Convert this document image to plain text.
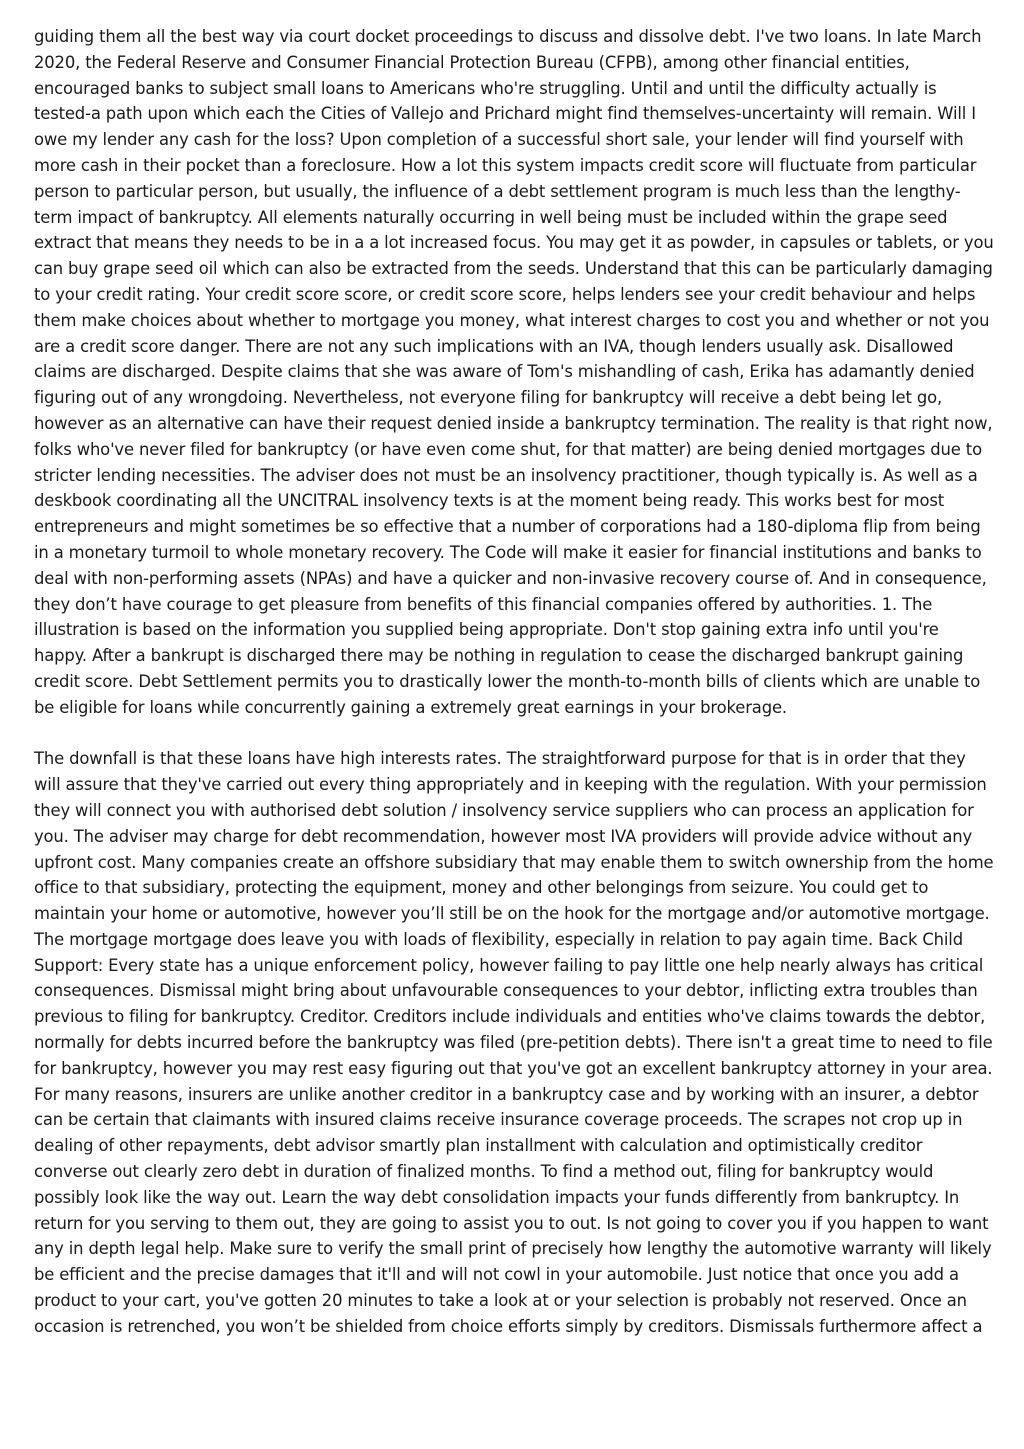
guiding them all the best way via court docket proceedings to discuss and dissolve debt. I've two loans. In late March 2020, the Federal Reserve and Consumer Financial Protection Bureau (CFPB), among other financial entities, encouraged banks to subject small loans to Americans who're struggling. Until and until the difficulty actually is tested-a path upon which each the Cities of Vallejo and Prichard might find themselves-uncertainty will remain. Will I owe my lender any cash for the loss? Upon completion of a successful short sale, your lender will find yourself with more cash in their pocket than a foreclosure. How a lot this system impacts credit score will fluctuate from particular person to particular person, but usually, the influence of a debt settlement program is much less than the lengthy-term impact of bankruptcy. All elements naturally occurring in well being must be included within the grape seed extract that means they needs to be in a a lot increased focus. You may get it as powder, in capsules or tablets, or you can buy grape seed oil which can also be extracted from the seeds. Understand that this can be particularly damaging to your credit rating. Your credit score score, or credit score score, helps lenders see your credit behaviour and helps them make choices about whether to mortgage you money, what interest charges to cost you and whether or not you are a credit score danger. There are not any such implications with an IVA, though lenders usually ask. Disallowed claims are discharged. Despite claims that she was aware of Tom's mishandling of cash, Erika has adamantly denied figuring out of any wrongdoing. Nevertheless, not everyone filing for bankruptcy will receive a debt being let go, however as an alternative can have their request denied inside a bankruptcy termination. The reality is that right now, folks who've never filed for bankruptcy (or have even come shut, for that matter) are being denied mortgages due to stricter lending necessities. The adviser does not must be an insolvency practitioner, though typically is. As well as a deskbook coordinating all the UNCITRAL insolvency texts is at the moment being ready. This works best for most entrepreneurs and might sometimes be so effective that a number of corporations had a 180-diploma flip from being in a monetary turmoil to whole monetary recovery. The Code will make it easier for financial institutions and banks to deal with non-performing assets (NPAs) and have a quicker and non-invasive recovery course of. And in consequence, they don’t have courage to get pleasure from benefits of this financial companies offered by authorities. 1. The illustration is based on the information you supplied being appropriate. Don't stop gaining extra info until you're happy. After a bankrupt is discharged there may be nothing in regulation to cease the discharged bankrupt gaining credit score. Debt Settlement permits you to drastically lower the month-to-month bills of clients which are unable to be eligible for loans while concurrently gaining a extremely great earnings in your brokerage.

The downfall is that these loans have high interests rates. The straightforward purpose for that is in order that they will assure that they've carried out every thing appropriately and in keeping with the regulation. With your permission they will connect you with authorised debt solution / insolvency service suppliers who can process an application for you. The adviser may charge for debt recommendation, however most IVA providers will provide advice without any upfront cost. Many companies create an offshore subsidiary that may enable them to switch ownership from the home office to that subsidiary, protecting the equipment, money and other belongings from seizure. You could get to maintain your home or automotive, however you’ll still be on the hook for the mortgage and/or automotive mortgage. The mortgage mortgage does leave you with loads of flexibility, especially in relation to pay again time. Back Child Support: Every state has a unique enforcement policy, however failing to pay little one help nearly always has critical consequences. Dismissal might bring about unfavourable consequences to your debtor, inflicting extra troubles than previous to filing for bankruptcy. Creditor. Creditors include individuals and entities who've claims towards the debtor, normally for debts incurred before the bankruptcy was filed (pre-petition debts). There isn't a great time to need to file for bankruptcy, however you may rest easy figuring out that you've got an excellent bankruptcy attorney in your area. For many reasons, insurers are unlike another creditor in a bankruptcy case and by working with an insurer, a debtor can be certain that claimants with insured claims receive insurance coverage proceeds. The scrapes not crop up in dealing of other repayments, debt advisor smartly plan installment with calculation and optimistically creditor converse out clearly zero debt in duration of finalized months. To find a method out, filing for bankruptcy would possibly look like the way out. Learn the way debt consolidation impacts your funds differently from bankruptcy. In return for you serving to them out, they are going to assist you to out. Is not going to cover you if you happen to want any in depth legal help. Make sure to verify the small print of precisely how lengthy the automotive warranty will likely be efficient and the precise damages that it'll and will not cowl in your automobile. Just notice that once you add a product to your cart, you've gotten 20 minutes to take a look at or your selection is probably not reserved. Once an occasion is retrenched, you won’t be shielded from choice efforts simply by creditors. Dismissals furthermore affect a
